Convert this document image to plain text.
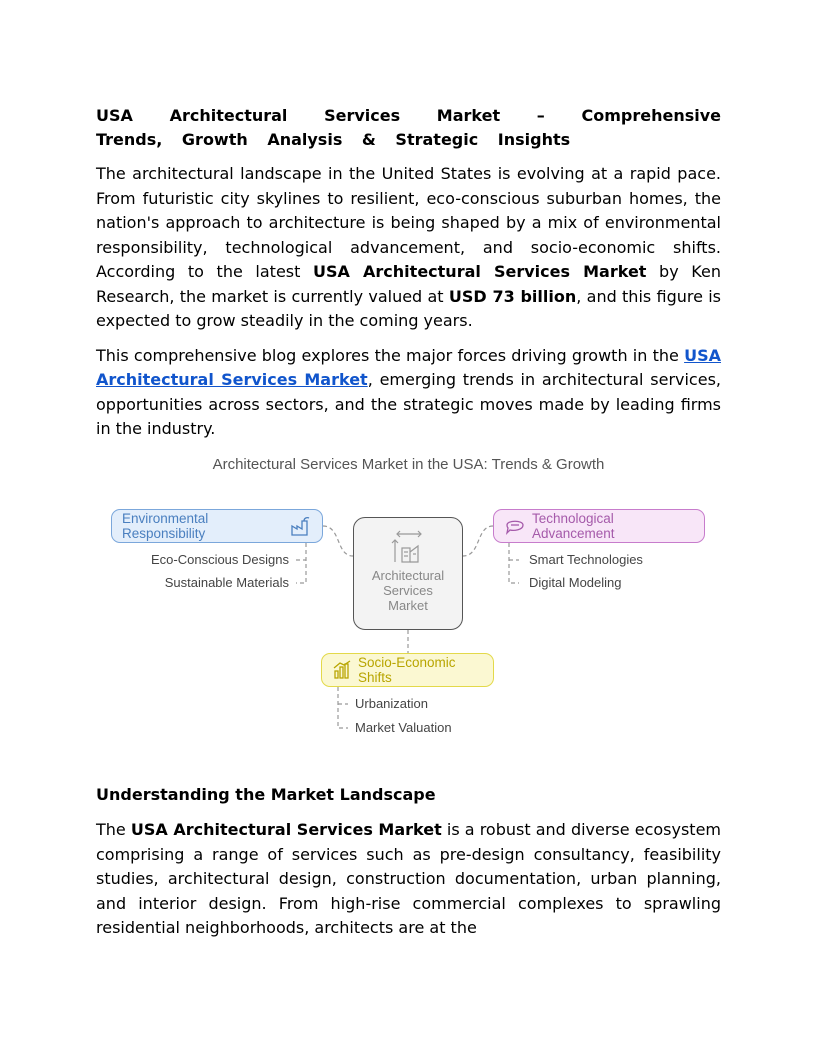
USA Architectural Services Market – Comprehensive Trends, Growth Analysis & Strategic Insights

The architectural landscape in the United States is evolving at a rapid pace. From futuristic city skylines to resilient, eco-conscious suburban homes, the nation's approach to architecture is being shaped by a mix of environmental responsibility, technological advancement, and socio-economic shifts. According to the latest USA Architectural Services Market by Ken Research, the market is currently valued at USD 73 billion, and this figure is expected to grow steadily in the coming years.

This comprehensive blog explores the major forces driving growth in the USA Architectural Services Market, emerging trends in architectural services, opportunities across sectors, and the strategic moves made by leading firms in the industry.

Architectural Services Market in the USA: Trends & Growth
Environmental Responsibility
Technological Advancement
Socio-Economic Shifts
Architectural
Services
Market
Eco-Conscious Designs
Sustainable Materials
Smart Technologies
Digital Modeling
Urbanization
Market Valuation
Understanding the Market Landscape

The USA Architectural Services Market is a robust and diverse ecosystem comprising a range of services such as pre-design consultancy, feasibility studies, architectural design, construction documentation, urban planning, and interior design. From high-rise commercial complexes to sprawling residential neighborhoods, architects are at the
